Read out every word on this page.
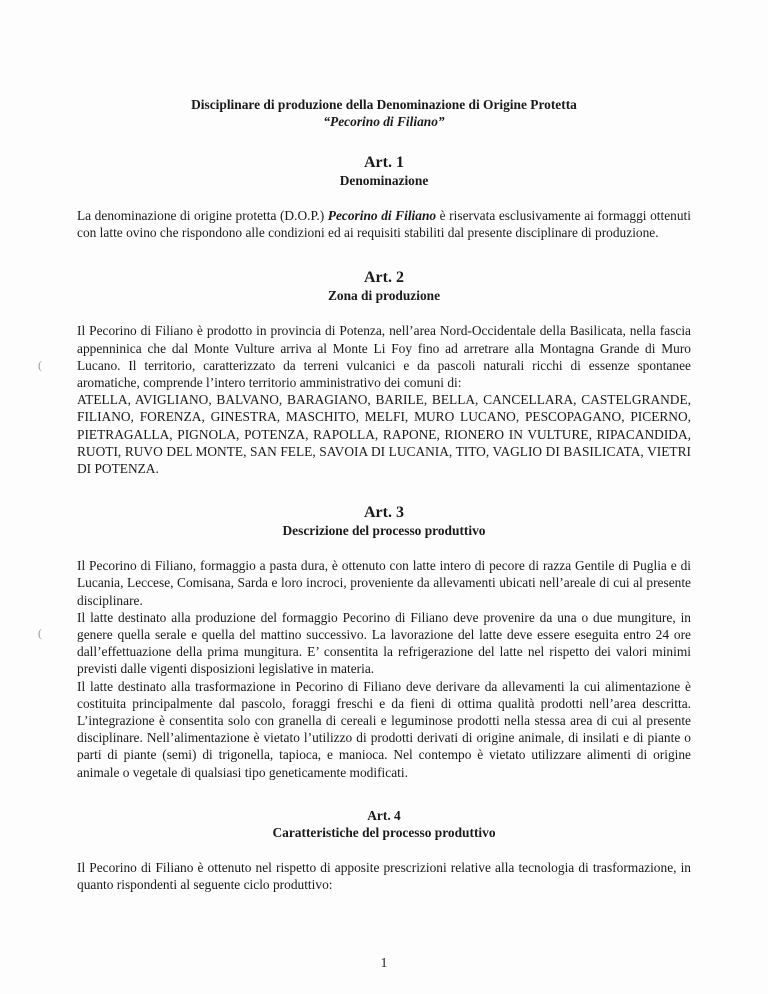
(
(

Disciplinare di produzione della Denominazione di Origine Protetta

“Pecorino di Filiano”

Art. 1

Denominazione

La denominazione di origine protetta (D.O.P.) Pecorino di Filiano è riservata esclusivamente ai formaggi ottenuti con latte ovino che rispondono alle condizioni ed ai requisiti stabiliti dal presente disciplinare di produzione.

Art. 2

Zona di produzione

Il Pecorino di Filiano è prodotto in provincia di Potenza, nell’area Nord-Occidentale della Basilicata, nella fascia appenninica che dal Monte Vulture arriva al Monte Li Foy fino ad arretrare alla Montagna Grande di Muro Lucano. Il territorio, caratterizzato da terreni vulcanici e da pascoli naturali ricchi di essenze spontanee aromatiche, comprende l’intero territorio amministrativo dei comuni di:

ATELLA, AVIGLIANO, BALVANO, BARAGIANO, BARILE, BELLA, CANCELLARA, CASTELGRANDE, FILIANO, FORENZA, GINESTRA, MASCHITO, MELFI, MURO LUCANO, PESCOPAGANO, PICERNO, PIETRAGALLA, PIGNOLA, POTENZA, RAPOLLA, RAPONE, RIONERO IN VULTURE, RIPACANDIDA, RUOTI, RUVO DEL MONTE, SAN FELE, SAVOIA DI LUCANIA, TITO, VAGLIO DI BASILICATA, VIETRI DI POTENZA.

Art. 3

Descrizione del processo produttivo

Il Pecorino di Filiano, formaggio a pasta dura, è ottenuto con latte intero di pecore di razza Gentile di Puglia e di Lucania, Leccese, Comisana, Sarda e loro incroci, proveniente da allevamenti ubicati nell’areale di cui al presente disciplinare.

Il latte destinato alla produzione del formaggio Pecorino di Filiano deve provenire da una o due mungiture, in genere quella serale e quella del mattino successivo. La lavorazione del latte deve essere eseguita entro 24 ore dall’effettuazione della prima mungitura. E’ consentita la refrigerazione del latte nel rispetto dei valori minimi previsti dalle vigenti disposizioni legislative in materia.

Il latte destinato alla trasformazione in Pecorino di Filiano deve derivare da allevamenti la cui alimentazione è costituita principalmente dal pascolo, foraggi freschi e da fieni di ottima qualità prodotti nell’area descritta. L’integrazione è consentita solo con granella di cereali e leguminose prodotti nella stessa area di cui al presente disciplinare. Nell’alimentazione è vietato l’utilizzo di prodotti derivati di origine animale, di insilati e di piante o parti di piante (semi) di trigonella, tapioca, e manioca. Nel contempo è vietato utilizzare alimenti di origine animale o vegetale di qualsiasi tipo geneticamente modificati.

Art. 4

Caratteristiche del processo produttivo

Il Pecorino di Filiano è ottenuto nel rispetto di apposite prescrizioni relative alla tecnologia di trasformazione, in quanto rispondenti al seguente ciclo produttivo:

1
